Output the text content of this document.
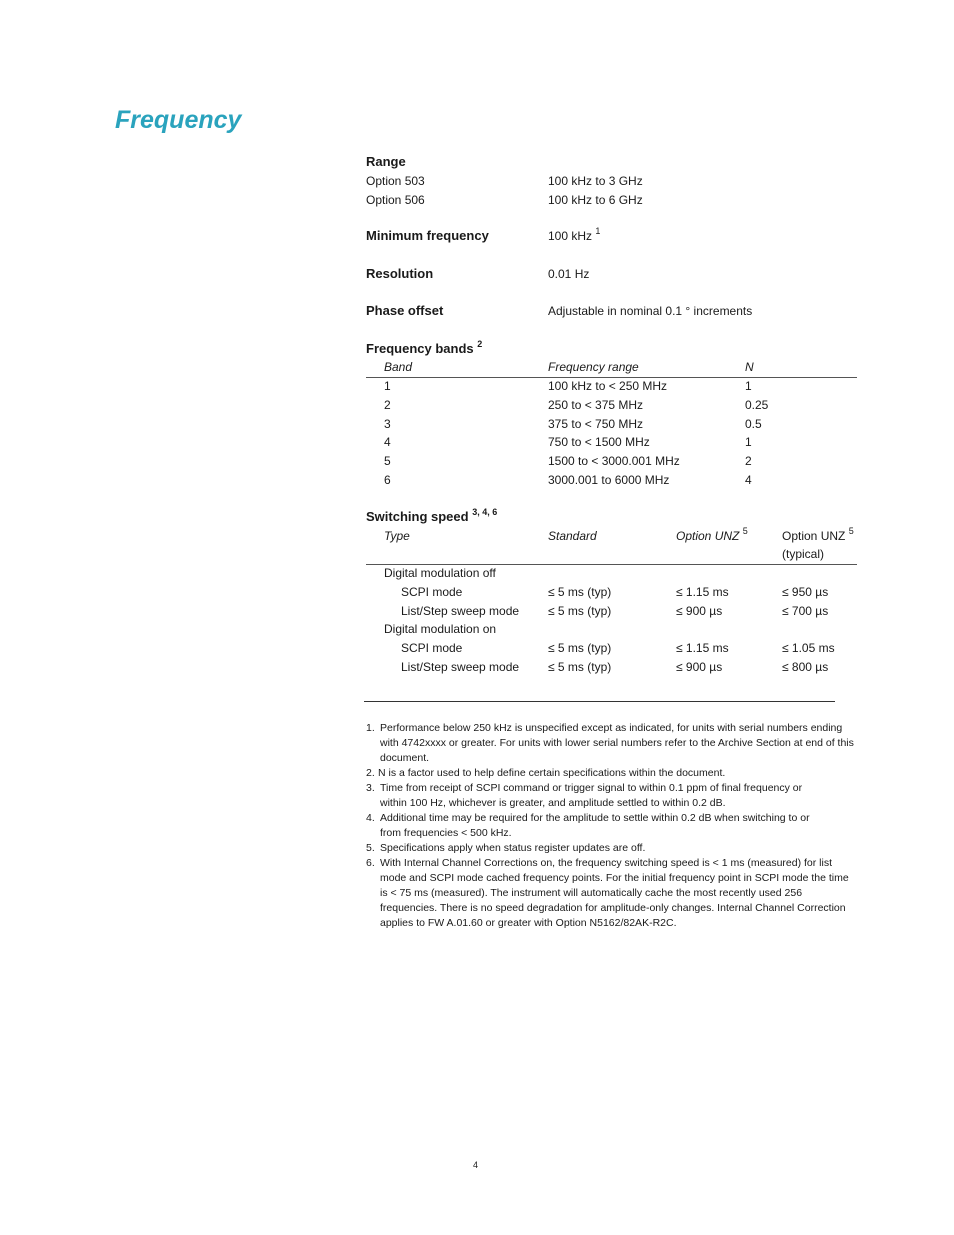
Frequency
Range
Option 503	100 kHz to 3 GHz
Option 506	100 kHz to 6 GHz
Minimum frequency	100 kHz $^1$
Resolution	0.01 Hz
Phase offset	Adjustable in nominal 0.1 ° increments
Frequency bands $^2$
Band	Frequency range	N
1	100 kHz to < 250 MHz	1
2	250 to < 375 MHz	0.25
3	375 to < 750 MHz	0.5
4	750 to < 1500 MHz	1
5	1500 to < 3000.001 MHz	2
6	3000.001 to 6000 MHz	4
Switching speed $^{3, 4, 6}$
Type	Standard	Option UNZ $^5$	Option UNZ $^5$
(typical)
Digital modulation off
SCPI mode	≤ 5 ms (typ)	≤ 1.15 ms	≤ 950 µs
List/Step sweep mode ≤ 5 ms (typ)	≤ 900 µs	≤ 700 µs
Digital modulation on
SCPI mode	≤ 5 ms (typ)	≤ 1.15 ms	≤ 1.05 ms
List/Step sweep mode ≤ 5 ms (typ)	≤ 900 µs	≤ 800 µs
1. Performance below 250 kHz is unspecified except as indicated, for units with serial numbers ending with 4742xxxx or greater. For units with lower serial numbers refer to the Archive Section at end of this document.
2. N is a factor used to help define certain specifications within the document.
3. Time from receipt of SCPI command or trigger signal to within 0.1 ppm of final frequency or within 100 Hz, whichever is greater, and amplitude settled to within 0.2 dB.
4. Additional time may be required for the amplitude to settle within 0.2 dB when switching to or from frequencies < 500 kHz.
5. Specifications apply when status register updates are off.
6. With Internal Channel Corrections on, the frequency switching speed is < 1 ms (measured) for list mode and SCPI mode cached frequency points. For the initial frequency point in SCPI mode the time is < 75 ms (measured). The instrument will automatically cache the most recently used 256 frequencies. There is no speed degradation for amplitude-only changes. Internal Channel Correction applies to FW A.01.60 or greater with Option N5162/82AK-R2C.
4
